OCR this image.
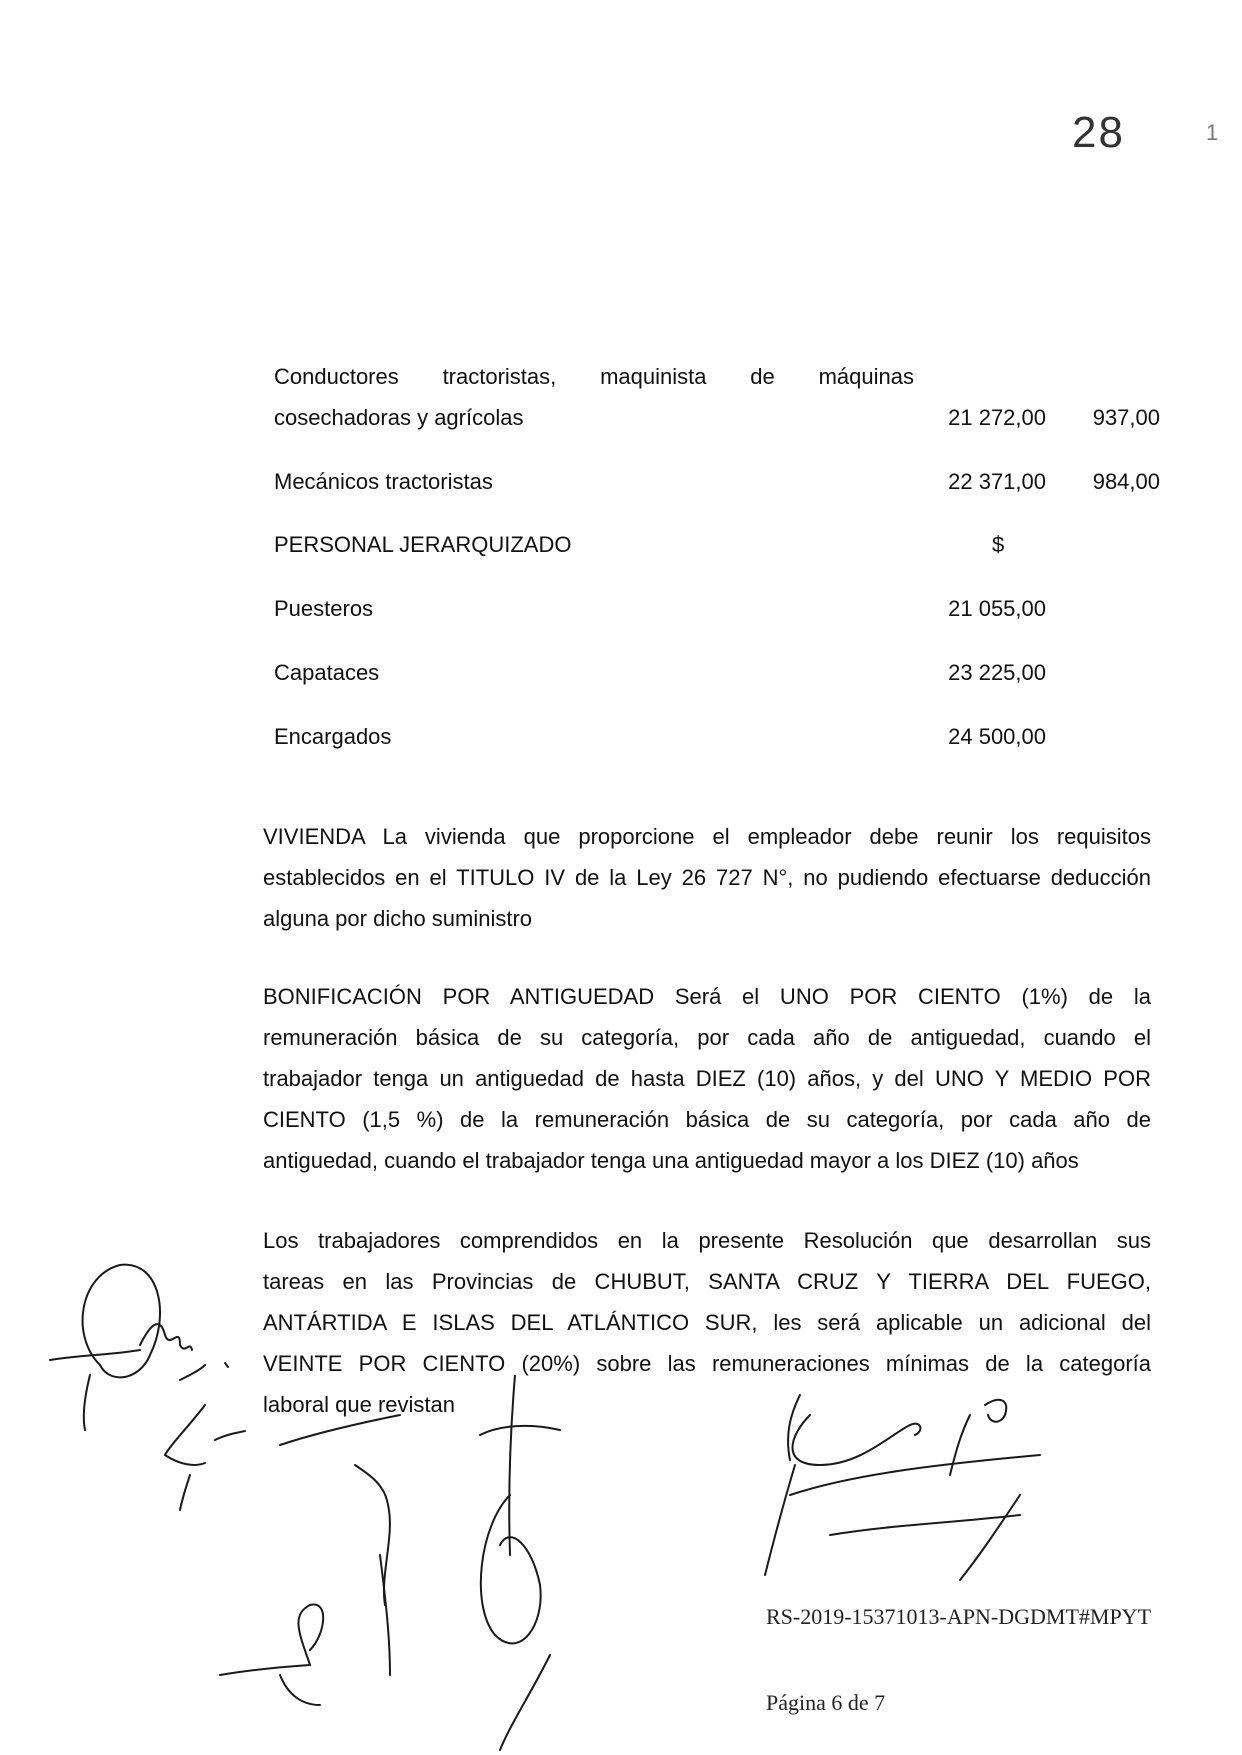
28	1
Conductores tractoristas, maquinista de máquinas
cosechadoras y agrícolas	21 272,00 937,00
Mecánicos tractoristas	22 371,00 984,00
PERSONAL JERARQUIZADO	$
Puesteros	21 055,00
Capataces	23 225,00
Encargados	24 500,00
VIVIENDA La vivienda que proporcione el empleador debe reunir los requisitos
establecidos en el TITULO IV de la Ley 26 727 N°, no pudiendo efectuarse deducción
alguna por dicho suministro
BONIFICACIÓN POR ANTIGUEDAD Será el UNO POR CIENTO (1%) de la
remuneración básica de su categoría, por cada año de antiguedad, cuando el
trabajador tenga un antiguedad de hasta DIEZ (10) años, y del UNO Y MEDIO POR
CIENTO (1,5 %) de la remuneración básica de su categoría, por cada año de
antiguedad, cuando el trabajador tenga una antiguedad mayor a los DIEZ (10) años
Los trabajadores comprendidos en la presente Resolución que desarrollan sus
tareas en las Provincias de CHUBUT, SANTA CRUZ Y TIERRA DEL FUEGO,
ANTÁRTIDA E ISLAS DEL ATLÁNTICO SUR, les será aplicable un adicional del
VEINTE POR CIENTO (20%) sobre las remuneraciones mínimas de la categoría
laboral que revistan
RS-2019-15371013-APN-DGDMT#MPYT
Página 6 de 7
